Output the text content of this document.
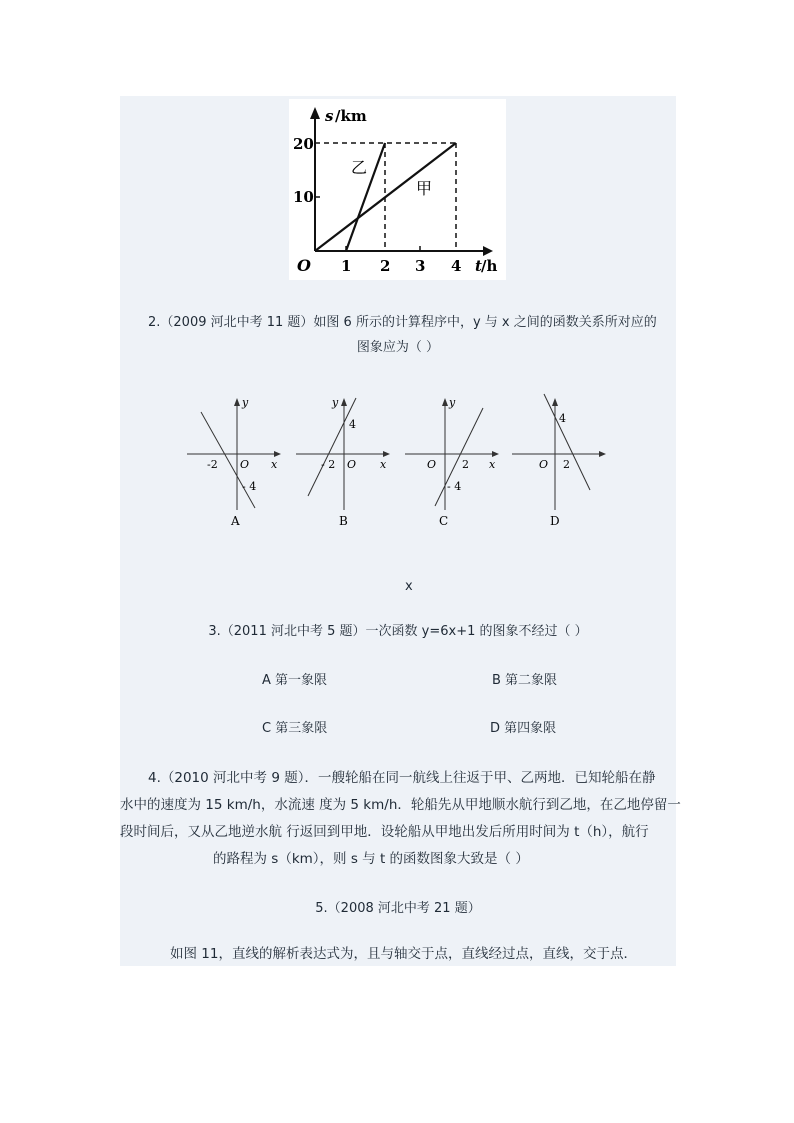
s /km
20
10
O 1 2 3 4 t /h
乙
甲
2.（2009 河北中考 11 题）如图 6 所示的计算程序中，y 与 x 之间的函数关系所对应的
图象应为（ ）
y
x
-2 O
- 4
A
y
x
- 2 O
4
B
y
x
O 2
- 4
C
O 2
4
D
x
3.（2011 河北中考 5 题）一次函数 y=6x+1 的图象不经过（ ）
A 第一象限	B 第二象限
C 第三象限	D 第四象限
4.（2010 河北中考 9 题）．一艘轮船在同一航线上往返于甲、乙两地．已知轮船在静
水中的速度为 15 km/h，水流速 度为 5 km/h．轮船先从甲地顺水航行到乙地，在乙地停留一
段时间后，又从乙地逆水航 行返回到甲地．设轮船从甲地出发后所用时间为 t（h），航行
的路程为 s（km），则 s 与 t 的函数图象大致是（ ）
5.（2008 河北中考 21 题）
如图 11，直线的解析表达式为，且与轴交于点，直线经过点，直线，交于点．
